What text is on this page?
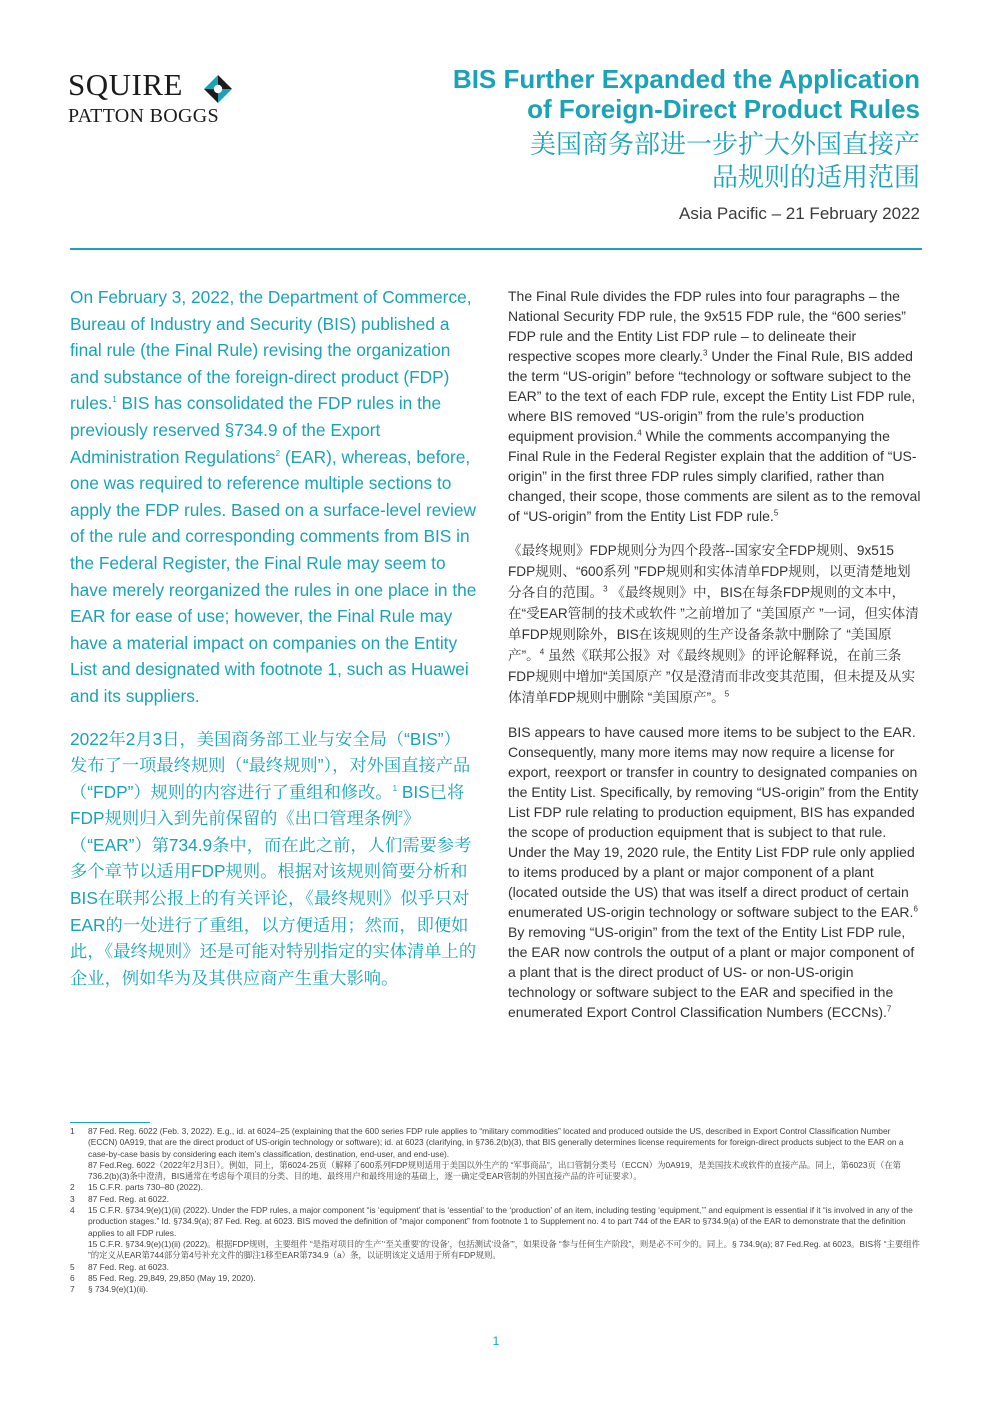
SQUIRE
PATTON BOGGS

BIS Further Expanded the Application
of Foreign-Direct Product Rules

美国商务部进一步扩大外国直接产
品规则的适用范围

Asia Pacific – 21 February 2022

On February 3, 2022, the Department of Commerce, Bureau of Industry and Security (BIS) published a final rule (the Final Rule) revising the organization and substance of the foreign-direct product (FDP) rules.$^1$ BIS has consolidated the FDP rules in the previously reserved §734.9 of the Export Administration Regulations$^2$ (EAR), whereas, before, one was required to reference multiple sections to apply the FDP rules. Based on a surface-level review of the rule and corresponding comments from BIS in the Federal Register, the Final Rule may seem to have merely reorganized the rules in one place in the EAR for ease of use; however, the Final Rule may have a material impact on companies on the Entity List and designated with footnote 1, such as Huawei and its suppliers.

2022年2月3日，美国商务部工业与安全局（“BIS”）发布了一项最终规则（“最终规则”），对外国直接产品（“FDP”）规则的内容进行了重组和修改。$^1$ BIS已将FDP规则归入到先前保留的《出口管理条例$^2$》（“EAR”）第734.9条中，而在此之前，人们需要参考多个章节以适用FDP规则。根据对该规则简要分析和BIS在联邦公报上的有关评论，《最终规则》似乎只对EAR的一处进行了重组，以方便适用；然而，即便如此，《最终规则》还是可能对特别指定的实体清单上的企业，例如华为及其供应商产生重大影响。

The Final Rule divides the FDP rules into four paragraphs – the National Security FDP rule, the 9x515 FDP rule, the “600 series” FDP rule and the Entity List FDP rule – to delineate their respective scopes more clearly.$^3$ Under the Final Rule, BIS added the term “US-origin” before “technology or software subject to the EAR” to the text of each FDP rule, except the Entity List FDP rule, where BIS removed “US-origin” from the rule’s production equipment provision.$^4$ While the comments accompanying the Final Rule in the Federal Register explain that the addition of “US-origin” in the first three FDP rules simply clarified, rather than changed, their scope, those comments are silent as to the removal of “US-origin” from the Entity List FDP rule.$^5$

《最终规则》FDP规则分为四个段落--国家安全FDP规则、9x515 FDP规则、“600系列 ”FDP规则和实体清单FDP规则，以更清楚地划分各自的范围。$^3$ 《最终规则》中，BIS在每条FDP规则的文本中，在“受EAR管制的技术或软件 ”之前增加了 “美国原产 ”一词，但实体清单FDP规则除外，BIS在该规则的生产设备条款中删除了 “美国原产”。$^4$ 虽然《联邦公报》对《最终规则》的评论解释说，在前三条FDP规则中增加“美国原产 ”仅是澄清而非改变其范围，但未提及从实体清单FDP规则中删除 “美国原产”。$^5$

BIS appears to have caused more items to be subject to the EAR. Consequently, many more items may now require a license for export, reexport or transfer in country to designated companies on the Entity List. Specifically, by removing “US-origin” from the Entity List FDP rule relating to production equipment, BIS has expanded the scope of production equipment that is subject to that rule. Under the May 19, 2020 rule, the Entity List FDP rule only applied to items produced by a plant or major component of a plant (located outside the US) that was itself a direct product of certain enumerated US-origin technology or software subject to the EAR.$^6$ By removing “US-origin” from the text of the Entity List FDP rule, the EAR now controls the output of a plant or major component of a plant that is the direct product of US- or non-US-origin technology or software subject to the EAR and specified in the enumerated Export Control Classification Numbers (ECCNs).$^7$

1	87 Fed. Reg. 6022 (Feb. 3, 2022). E.g., id. at 6024–25 (explaining that the 600 series FDP rule applies to “military commodities” located and produced outside the US, described in Export Control Classification Number (ECCN) 0A919, that are the direct product of US-origin technology or software); id. at 6023 (clarifying, in §736.2(b)(3), that BIS generally determines license requirements for foreign-direct products subject to the EAR on a case-by-case basis by considering each item’s classification, destination, end-user, and end-use).
87 Fed.Reg. 6022（2022年2月3日）。例如，同上，第6024-25页（解释了600系列FDP规则适用于美国以外生产的 “军事商品”，出口管制分类号（ECCN）为0A919，是美国技术或软件的直接产品。同上，第6023页（在第736.2(b)(3)条中澄清，BIS通常在考虑每个项目的分类、目的地、最终用户和最终用途的基础上，逐一确定受EAR管制的外国直接产品的许可证要求）。
2	15 C.F.R. parts 730–80 (2022).
3	87 Fed. Reg. at 6022.
4	15 C.F.R. §734.9(e)(1)(ii) (2022). Under the FDP rules, a major component “is ‘equipment’ that is ‘essential’ to the ‘production’ of an item, including testing ‘equipment,’” and equipment is essential if it “is involved in any of the production stages.” Id. §734.9(a); 87 Fed. Reg. at 6023. BIS moved the definition of “major component” from footnote 1 to Supplement no. 4 to part 744 of the EAR to §734.9(a) of the EAR to demonstrate that the definition applies to all FDP rules.
15 C.F.R. §734.9(e)(1)(ii) (2022)。根据FDP规则，主要组件 “是指对项目的‘生产’‘至关重要’的‘设备’，包括测试‘设备’”，如果设备 “参与任何生产阶段”，则是必不可少的。同上。§ 734.9(a); 87 Fed.Reg. at 6023。BIS将 “主要组件 ”的定义从EAR第744部分第4号补充文件的脚注1移至EAR第734.9（a）条，以证明该定义适用于所有FDP规则。
5	87 Fed. Reg. at 6023.
6	85 Fed. Reg. 29,849, 29,850 (May 19, 2020).
7	§ 734.9(e)(1)(ii).
1
